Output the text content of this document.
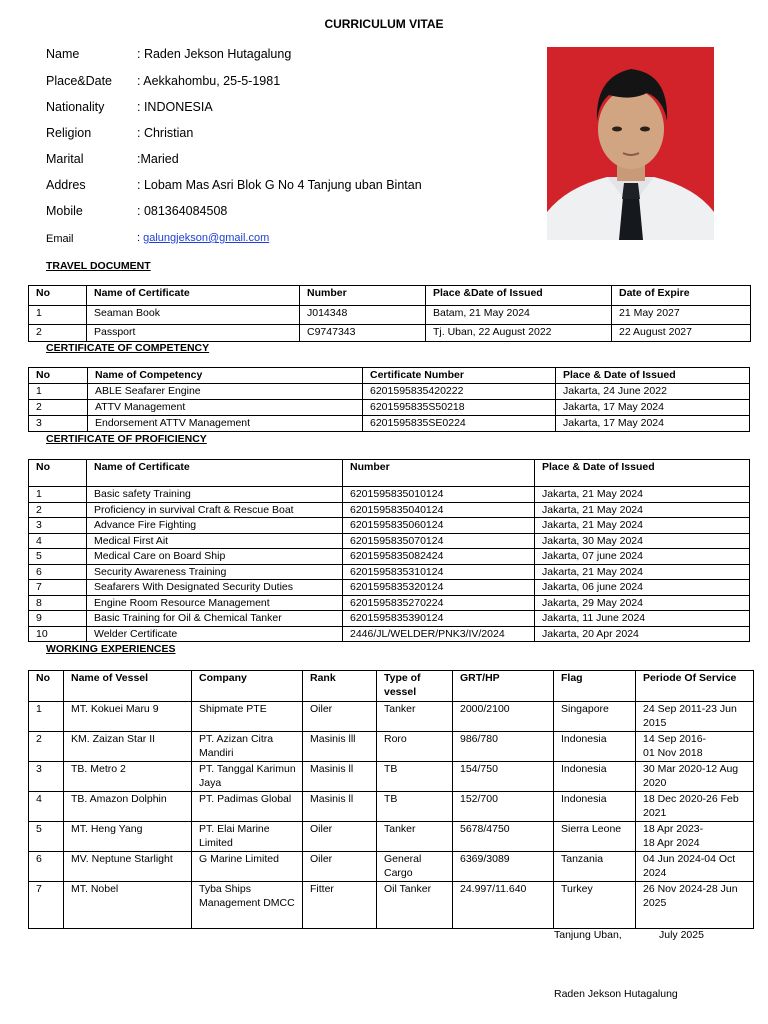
CURRICULUM VITAE
Name	: Raden Jekson Hutagalung
Place&Date : Aekkahombu, 25-5-1981
Nationality	: INDONESIA
Religion	: Christian
Marital	:Maried
Addres	: Lobam Mas Asri Blok G No 4 Tanjung uban Bintan
Mobile	: 081364084508
Email	: galungjekson@gmail.com
TRAVEL DOCUMENT
No	Name of Certificate	Number	Place &Date of Issued	Date of Expire
1	Seaman Book	J014348	Batam, 21 May 2024	21 May 2027
2	Passport	C9747343	Tj. Uban, 22 August 2022	22 August 2027
CERTIFICATE OF COMPETENCY
No	Name of Competency	Certificate Number	Place & Date of Issued
1	ABLE Seafarer Engine	6201595835420222	Jakarta, 24 June 2022
2	ATTV Management	6201595835S50218	Jakarta, 17 May 2024
3	Endorsement ATTV Management	6201595835SE0224	Jakarta, 17 May 2024
CERTIFICATE OF PROFICIENCY
No	Name of Certificate	Number	Place & Date of Issued
1	Basic safety Training	6201595835010124	Jakarta, 21 May 2024
2	Proficiency in survival Craft & Rescue Boat	6201595835040124	Jakarta, 21 May 2024
3	Advance Fire Fighting	6201595835060124	Jakarta, 21 May 2024
4	Medical First Ait	6201595835070124	Jakarta, 30 May 2024
5	Medical Care on Board Ship	6201595835082424	Jakarta, 07 june 2024
6	Security Awareness Training	6201595835310124	Jakarta, 21 May 2024
7	Seafarers With Designated Security Duties	6201595835320124	Jakarta, 06 june 2024
8	Engine Room Resource Management	6201595835270224	Jakarta, 29 May 2024
9	Basic Training for Oil & Chemical Tanker	6201595835390124	Jakarta, 11 June 2024
10	Welder Certificate	2446/JL/WELDER/PNK3/IV/2024	Jakarta, 20 Apr 2024
WORKING EXPERIENCES
No	Name of Vessel	Company	Rank	Type of vessel	GRT/HP	Flag	Periode Of Service
1	MT. Kokuei Maru 9	Shipmate PTE	Oiler	Tanker	2000/2100	Singapore	24 Sep 2011-23 Jun 2015
2	KM. Zaizan Star II	PT. Azizan Citra Mandiri	Masinis lll	Roro	986/780	Indonesia	14 Sep 2016-
01 Nov 2018
3	TB. Metro 2	PT. Tanggal Karimun Jaya	Masinis ll	TB	154/750	Indonesia	30 Mar 2020-12 Aug 2020
4	TB. Amazon Dolphin	PT. Padimas Global	Masinis ll	TB	152/700	Indonesia	18 Dec 2020-26 Feb 2021
5	MT. Heng Yang	PT. Elai Marine Limited	Oiler	Tanker	5678/4750	Sierra Leone	18 Apr 2023-
18 Apr 2024
6	MV. Neptune Starlight	G Marine Limited	Oiler	General Cargo	6369/3089	Tanzania	04 Jun 2024-04 Oct 2024
7	MT. Nobel	Tyba Ships Management DMCC	Fitter	Oil Tanker	24.997/11.640	Turkey	26 Nov 2024-28 Jun 2025
Tanjung Uban,	July 2025
Raden Jekson Hutagalung
